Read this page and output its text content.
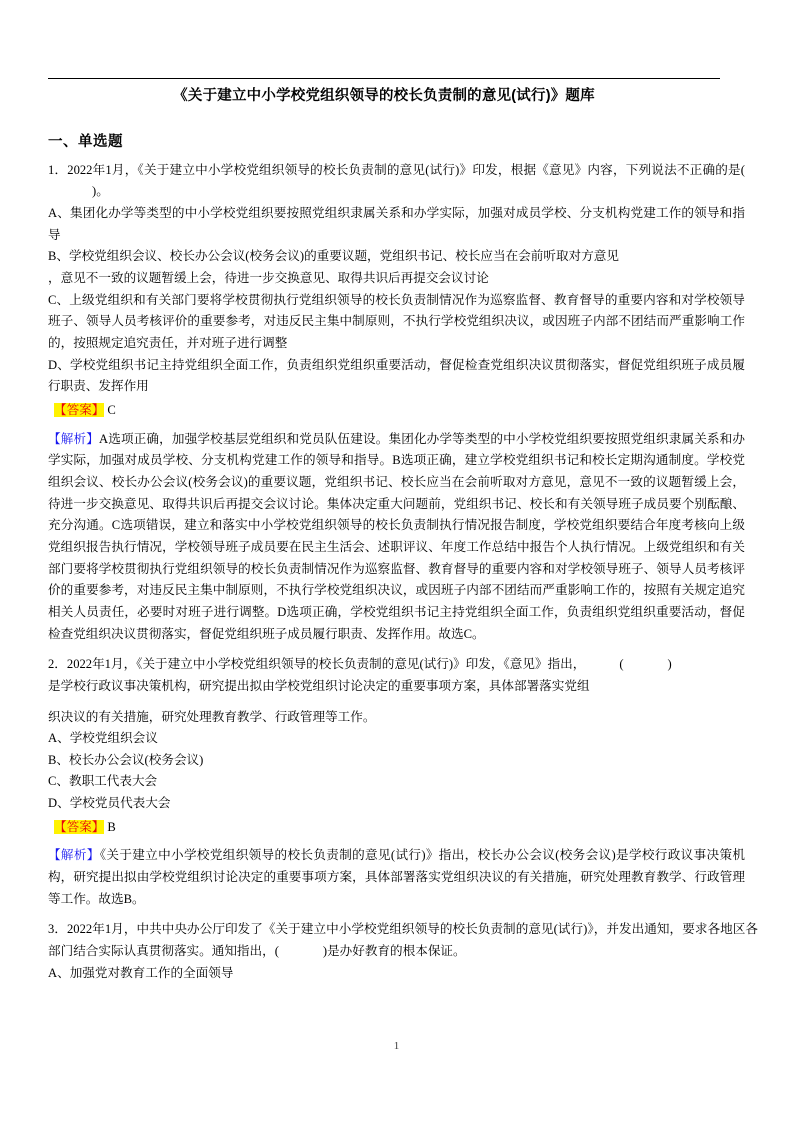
《关于建立中小学校党组织领导的校长负责制的意见(试行)》题库
一、单选题

1．2022年1月，《关于建立中小学校党组织领导的校长负责制的意见(试行)》印发，根据《意见》内容，下列说法不正确的是()。

A、集团化办学等类型的中小学校党组织要按照党组织隶属关系和办学实际，加强对成员学校、分支机构党建工作的领导和指导

B、学校党组织会议、校长办公会议(校务会议)的重要议题，党组织书记、校长应当在会前听取对方意见

，意见不一致的议题暂缓上会，待进一步交换意见、取得共识后再提交会议讨论

C、上级党组织和有关部门要将学校贯彻执行党组织领导的校长负责制情况作为巡察监督、教育督导的重要内容和对学校领导班子、领导人员考核评价的重要参考，对违反民主集中制原则，不执行学校党组织决议，或因班子内部不团结而严重影响工作的，按照规定追究责任，并对班子进行调整

D、学校党组织书记主持党组织全面工作，负责组织党组织重要活动，督促检查党组织决议贯彻落实，督促党组织班子成员履行职责、发挥作用

【答案】 C

【解析】A选项正确，加强学校基层党组织和党员队伍建设。集团化办学等类型的中小学校党组织要按照党组织隶属关系和办学实际，加强对成员学校、分支机构党建工作的领导和指导。B选项正确，建立学校党组织书记和校长定期沟通制度。学校党组织会议、校长办公会议(校务会议)的重要议题，党组织书记、校长应当在会前听取对方意见，意见不一致的议题暂缓上会，待进一步交换意见、取得共识后再提交会议讨论。集体决定重大问题前，党组织书记、校长和有关领导班子成员要个别酝酿、充分沟通。C选项错误，建立和落实中小学校党组织领导的校长负责制执行情况报告制度，学校党组织要结合年度考核向上级党组织报告执行情况，学校领导班子成员要在民主生活会、述职评议、年度工作总结中报告个人执行情况。上级党组织和有关部门要将学校贯彻执行党组织领导的校长负责制情况作为巡察监督、教育督导的重要内容和对学校领导班子、领导人员考核评价的重要参考，对违反民主集中制原则，不执行学校党组织决议，或因班子内部不团结而严重影响工作的，按照有关规定追究相关人员责任，必要时对班子进行调整。D选项正确，学校党组织书记主持党组织全面工作，负责组织党组织重要活动，督促检查党组织决议贯彻落实，督促党组织班子成员履行职责、发挥作用。故选C。

2．2022年1月，《关于建立中小学校党组织领导的校长负责制的意见(试行)》印发，《意见》指出，	(	)

是学校行政议事决策机构，研究提出拟由学校党组织讨论决定的重要事项方案，具体部署落实党组

织决议的有关措施，研究处理教育教学、行政管理等工作。

A、学校党组织会议

B、校长办公会议(校务会议)

C、教职工代表大会

D、学校党员代表大会

【答案】 B

【解析】《关于建立中小学校党组织领导的校长负责制的意见(试行)》指出，校长办公会议(校务会议)是学校行政议事决策机构，研究提出拟由学校党组织讨论决定的重要事项方案，具体部署落实党组织决议的有关措施，研究处理教育教学、行政管理等工作。故选B。

3．2022年1月，中共中央办公厅印发了《关于建立中小学校党组织领导的校长负责制的意见(试行)》，并发出通知，要求各地区各部门结合实际认真贯彻落实。通知指出，(	)是办好教育的根本保证。

A、加强党对教育工作的全面领导

1
